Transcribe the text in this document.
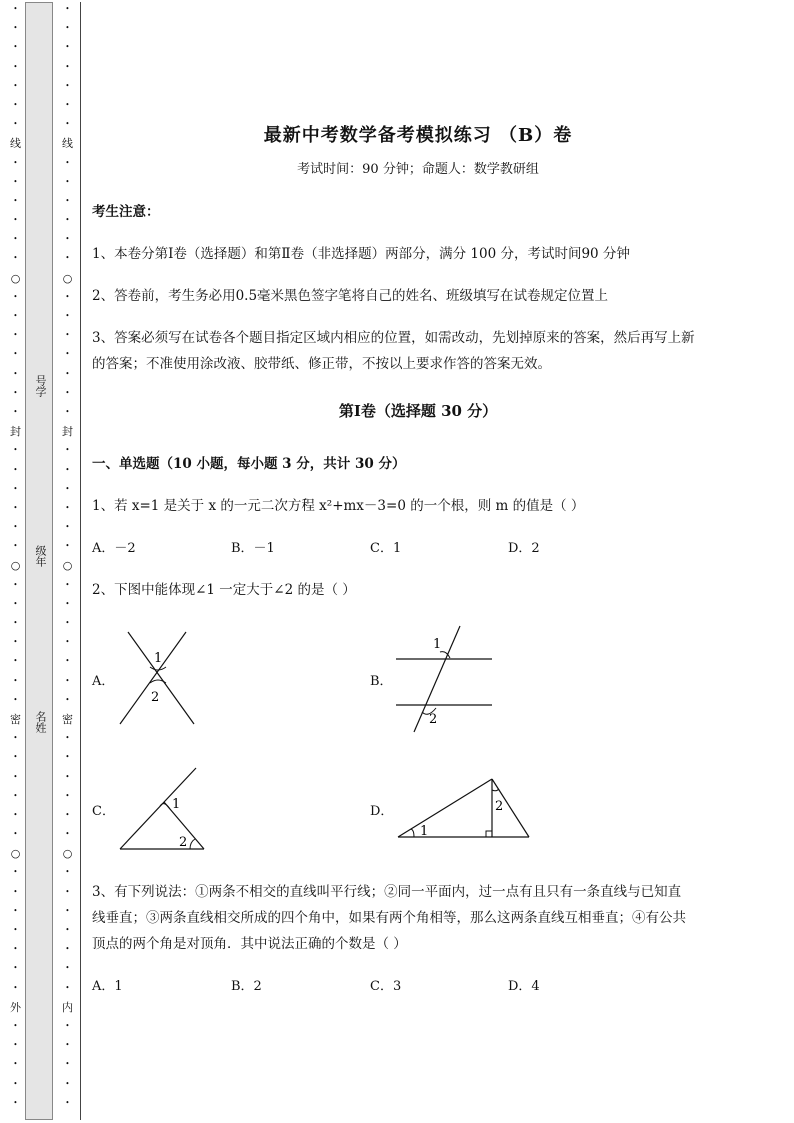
•
•
•
•
•
•
•
线
•
•
•
•
•
•
○
•
•
•
•
•
•
•
封
•
•
•
•
•
•
○
•
•
•
•
•
•
•
密
•
•
•
•
•
•
○
•
•
•
•
•
•
•
外
•
•
•
•
•
号学
级年
名姓
•
•
•
•
•
•
•
线
•
•
•
•
•
•
○
•
•
•
•
•
•
•
封
•
•
•
•
•
•
○
•
•
•
•
•
•
•
密
•
•
•
•
•
•
○
•
•
•
•
•
•
•
内
•
•
•
•
•
最新中考数学备考模拟练习 （B）卷
考试时间：90 分钟；命题人：数学教研组
考生注意：
1、本卷分第Ⅰ卷（选择题）和第Ⅱ卷（非选择题）两部分，满分 100 分，考试时间90 分钟
2、答卷前，考生务必用0.5毫米黑色签字笔将自己的姓名、班级填写在试卷规定位置上
3、答案必须写在试卷各个题目指定区域内相应的位置，如需改动，先划掉原来的答案，然后再写上新
的答案；不准使用涂改液、胶带纸、修正带，不按以上要求作答的答案无效。
第Ⅰ卷（选择题 30 分）
一、单选题（10 小题，每小题 3 分，共计 30 分）
1、若 x=1 是关于 x 的一元二次方程 x²+mx－3=0 的一个根，则 m 的值是（ ）
A．－2	B．－1	C．1	D．2
2、下图中能体现∠1 一定大于∠2 的是（ ）
A．
1
2
B．
1
2
C．	1
2
D．
1
2
3、有下列说法：①两条不相交的直线叫平行线；②同一平面内，过一点有且只有一条直线与已知直
线垂直；③两条直线相交所成的四个角中，如果有两个角相等，那么这两条直线互相垂直；④有公共
顶点的两个角是对顶角．其中说法正确的个数是（ ）
A．1	B．2	C．3	D．4
